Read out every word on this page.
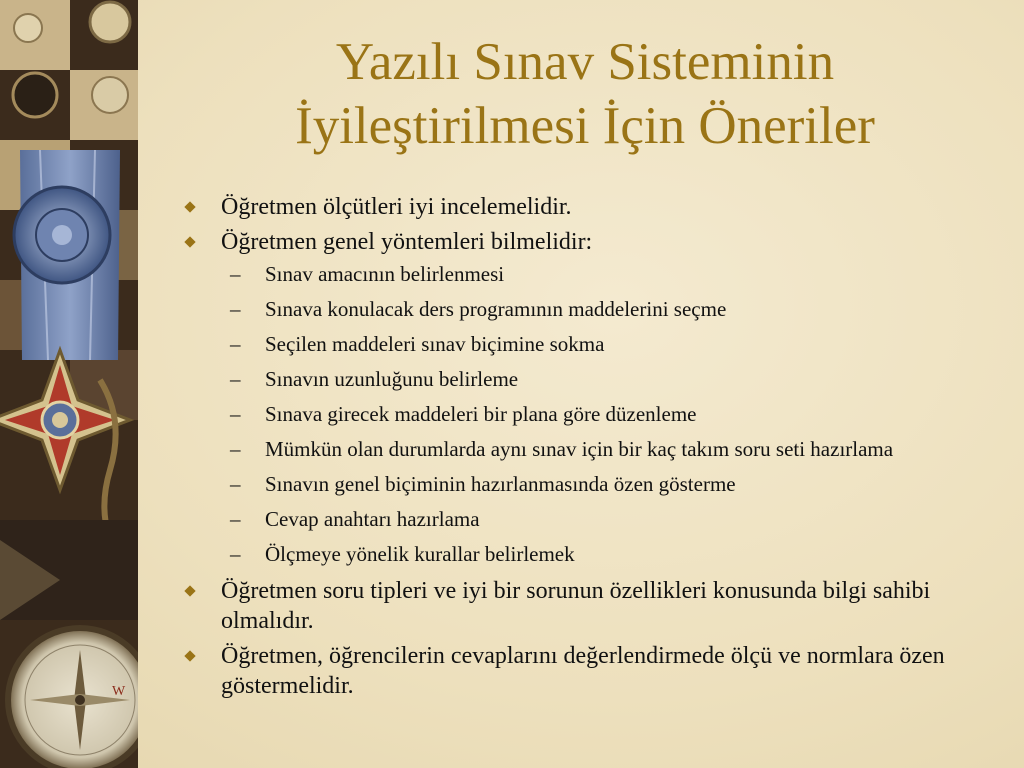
W
Yazılı Sınav Sisteminin
İyileştirilmesi İçin Öneriler
Öğretmen ölçütleri iyi incelemelidir.
Öğretmen genel yöntemleri bilmelidir:
– Sınav amacının belirlenmesi
– Sınava konulacak ders programının maddelerini seçme
– Seçilen maddeleri sınav biçimine sokma
– Sınavın uzunluğunu belirleme
– Sınava girecek maddeleri bir plana göre düzenleme
– Mümkün olan durumlarda aynı sınav için bir kaç takım soru seti hazırlama
– Sınavın genel biçiminin hazırlanmasında özen gösterme
– Cevap anahtarı hazırlama
– Ölçmeye yönelik kurallar belirlemek
Öğretmen soru tipleri ve iyi bir sorunun özellikleri konusunda bilgi sahibi olmalıdır.
Öğretmen, öğrencilerin cevaplarını değerlendirmede ölçü ve normlara özen göstermelidir.
